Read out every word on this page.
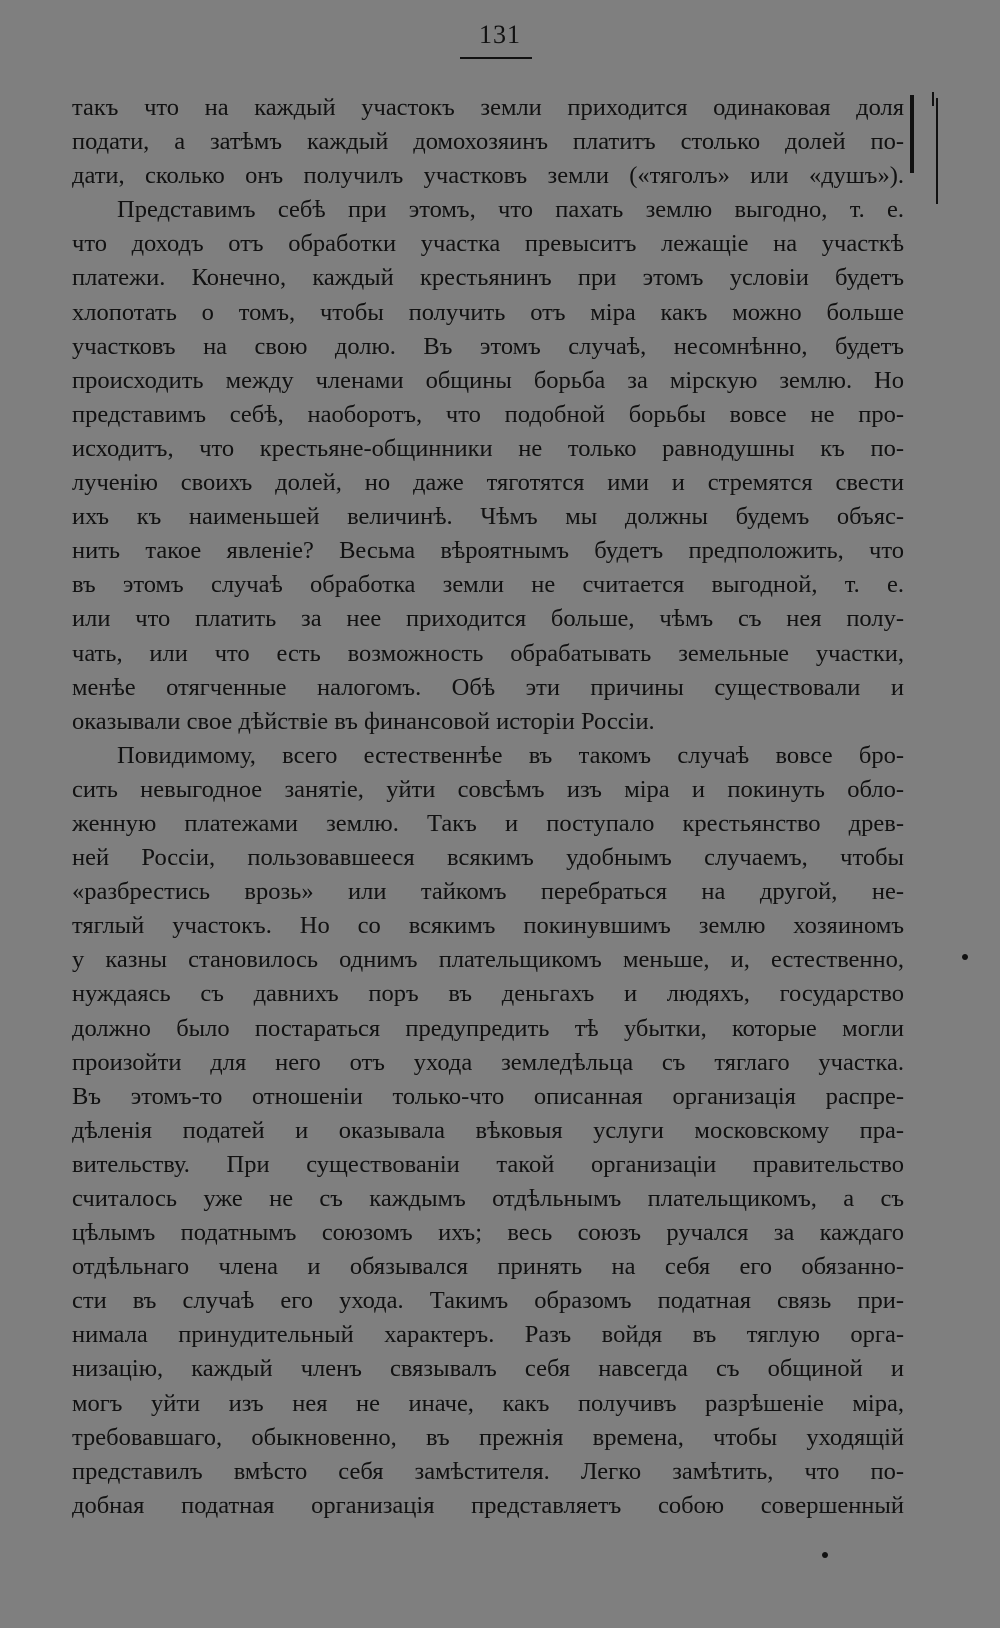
131
такъ что на каждый участокъ земли приходится одинаковая доля
подати, а затѣмъ каждый домохозяинъ платитъ столько долей по-
дати, сколько онъ получилъ участковъ земли («тяголъ» или «душъ»).
Представимъ себѣ при этомъ, что пахать землю выгодно, т. е.
что доходъ отъ обработки участка превыситъ лежащіе на участкѣ
платежи. Конечно, каждый крестьянинъ при этомъ условіи будетъ
хлопотать о томъ, чтобы получить отъ міра какъ можно больше
участковъ на свою долю. Въ этомъ случаѣ, несомнѣнно, будетъ
происходить между членами общины борьба за мірскую землю. Но
представимъ себѣ, наоборотъ, что подобной борьбы вовсе не про-
исходитъ, что крестьяне-общинники не только равнодушны къ по-
лученію своихъ долей, но даже тяготятся ими и стремятся свести
ихъ къ наименьшей величинѣ. Чѣмъ мы должны будемъ объяс-
нить такое явленіе? Весьма вѣроятнымъ будетъ предположить, что
въ этомъ случаѣ обработка земли не считается выгодной, т. е.
или что платить за нее приходится больше, чѣмъ съ нея полу-
чать, или что есть возможность обрабатывать земельные участки,
менѣе отягченные налогомъ. Обѣ эти причины существовали и
оказывали свое дѣйствіе въ финансовой исторіи Россіи.
Повидимому, всего естественнѣе въ такомъ случаѣ вовсе бро-
сить невыгодное занятіе, уйти совсѣмъ изъ міра и покинуть обло-
женную платежами землю. Такъ и поступало крестьянство древ-
ней Россіи, пользовавшееся всякимъ удобнымъ случаемъ, чтобы
«разбрестись врозь» или тайкомъ перебраться на другой, не-
тяглый участокъ. Но со всякимъ покинувшимъ землю хозяиномъ
у казны становилось однимъ плательщикомъ меньше, и, естественно,
нуждаясь съ давнихъ поръ въ деньгахъ и людяхъ, государство
должно было постараться предупредить тѣ убытки, которые могли
произойти для него отъ ухода земледѣльца съ тяглаго участка.
Въ этомъ-то отношеніи только-что описанная организація распре-
дѣленія податей и оказывала вѣковыя услуги московскому пра-
вительству. При существованіи такой организаціи правительство
считалось уже не съ каждымъ отдѣльнымъ плательщикомъ, а съ
цѣлымъ податнымъ союзомъ ихъ; весь союзъ ручался за каждаго
отдѣльнаго члена и обязывался принять на себя его обязанно-
сти въ случаѣ его ухода. Такимъ образомъ податная связь при-
нимала принудительный характеръ. Разъ войдя въ тяглую орга-
низацію, каждый членъ связывалъ себя навсегда съ общиной и
могъ уйти изъ нея не иначе, какъ получивъ разрѣшеніе міра,
требовавшаго, обыкновенно, въ прежнія времена, чтобы уходящій
представилъ вмѣсто себя замѣстителя. Легко замѣтить, что по-
добная податная организація представляетъ собою совершенный
